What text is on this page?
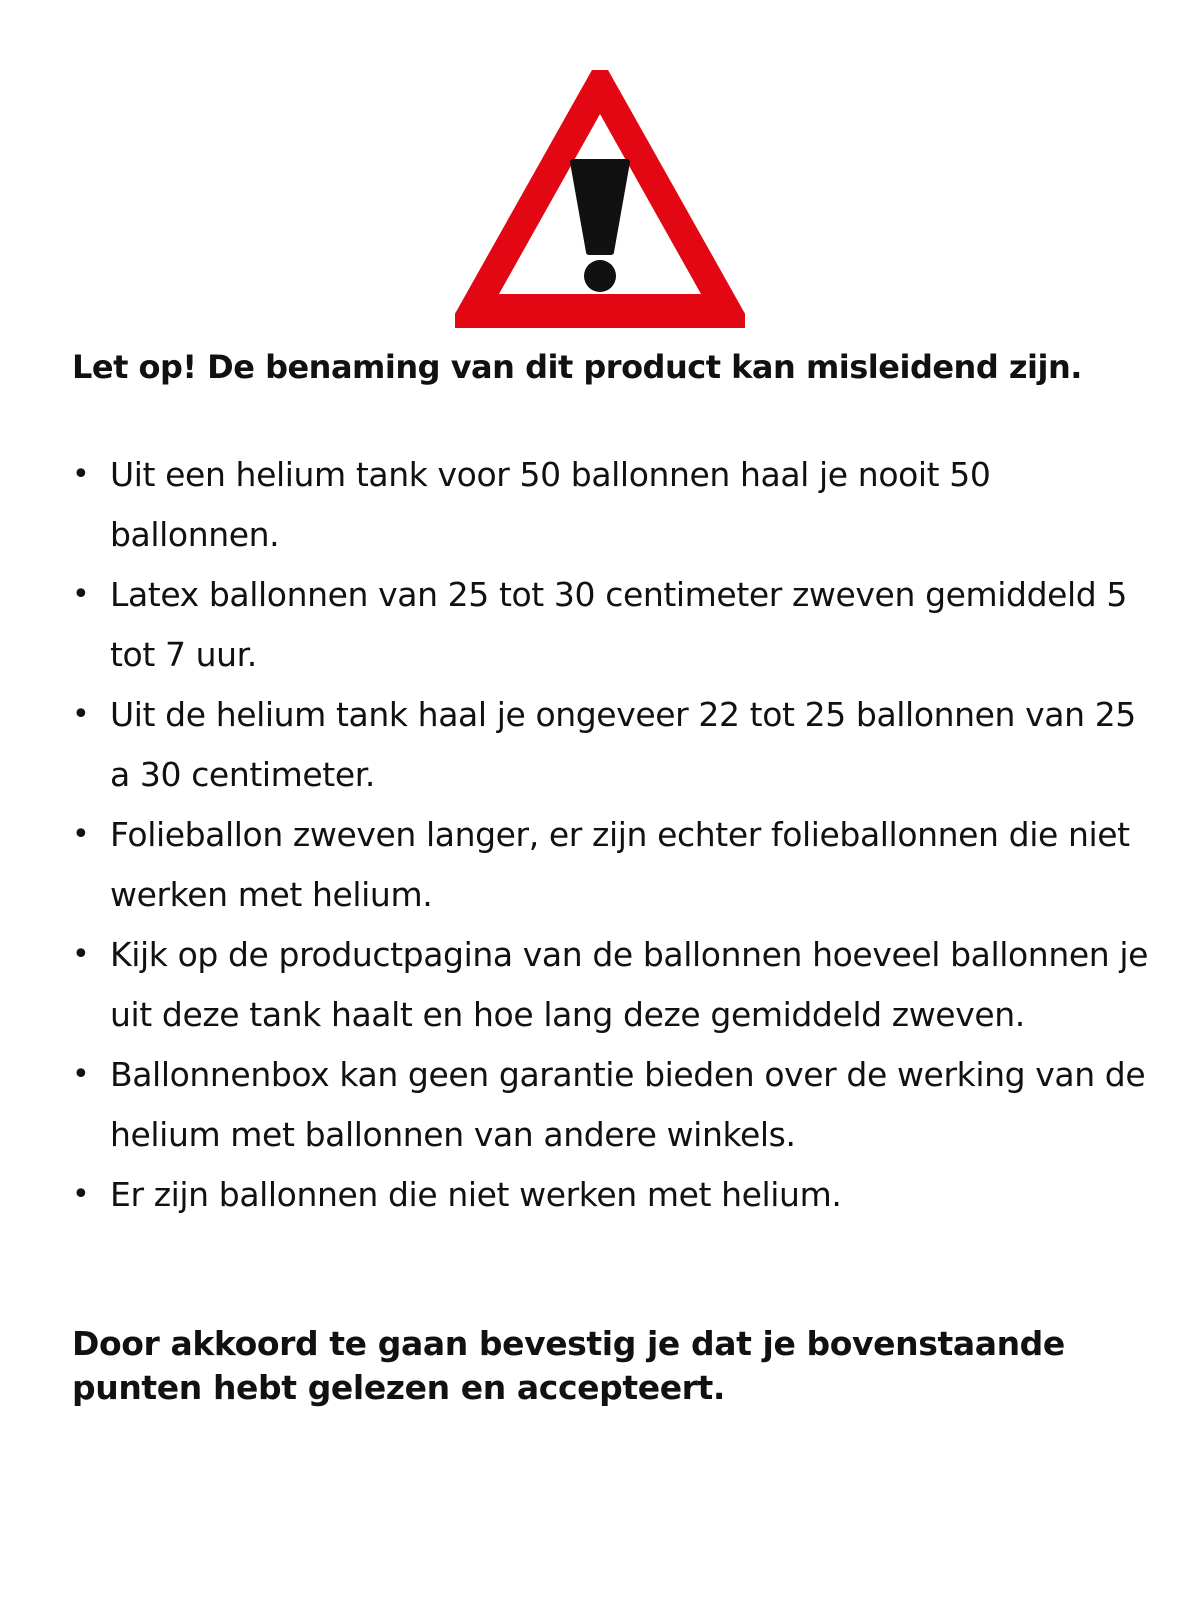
Let op! De benaming van dit product kan misleidend zijn.
• Uit een helium tank voor 50 ballonnen haal je nooit 50 ballonnen.
• Latex ballonnen van 25 tot 30 centimeter zweven gemiddeld 5 tot 7 uur.
• Uit de helium tank haal je ongeveer 22 tot 25 ballonnen van 25 a 30 centimeter.
• Folieballon zweven langer, er zijn echter folieballonnen die niet werken met helium.
• Kijk op de productpagina van de ballonnen hoeveel ballonnen je uit deze tank haalt en hoe lang deze gemiddeld zweven.
• Ballonnenbox kan geen garantie bieden over de werking van de helium met ballonnen van andere winkels.
• Er zijn ballonnen die niet werken met helium.

Door akkoord te gaan bevestig je dat je bovenstaande punten hebt gelezen en accepteert.
